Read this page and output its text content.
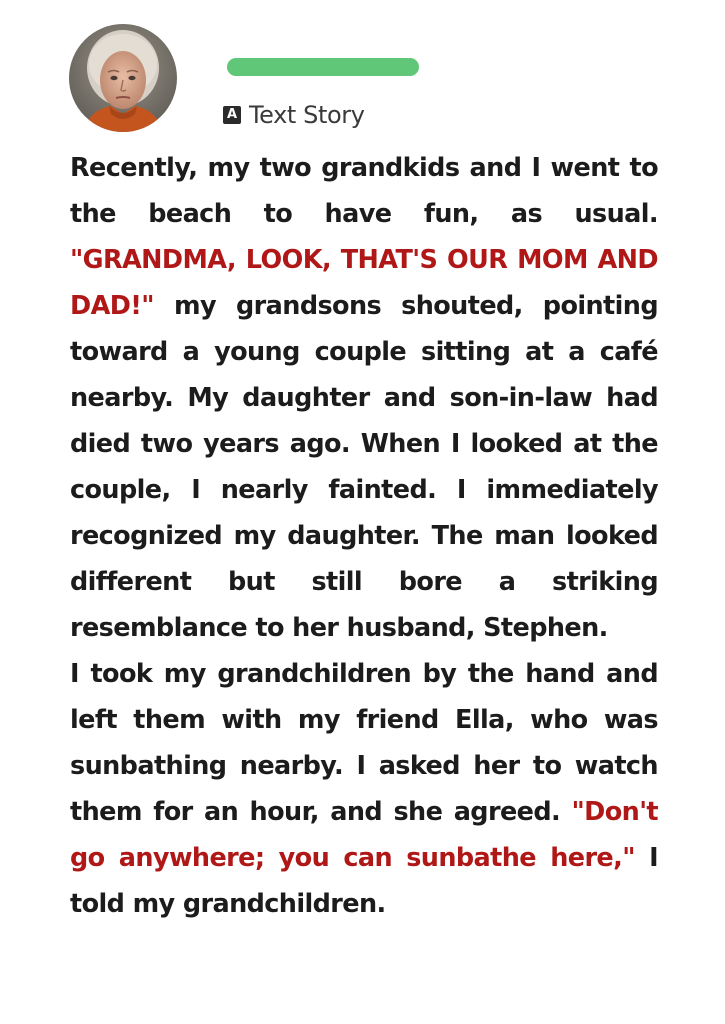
A Text Story

Recently, my two grandkids and I went to the beach to have fun, as usual. "GRANDMA, LOOK, THAT'S OUR MOM AND DAD!" my grandsons shouted, pointing toward a young couple sitting at a café nearby. My daughter and son-in-law had died two years ago. When I looked at the couple, I nearly fainted. I immediately recognized my daughter. The man looked different but still bore a striking resemblance to her husband, Stephen.

I took my grandchildren by the hand and left them with my friend Ella, who was sunbathing nearby. I asked her to watch them for an hour, and she agreed. "Don't go anywhere; you can sunbathe here," I told my grandchildren.
